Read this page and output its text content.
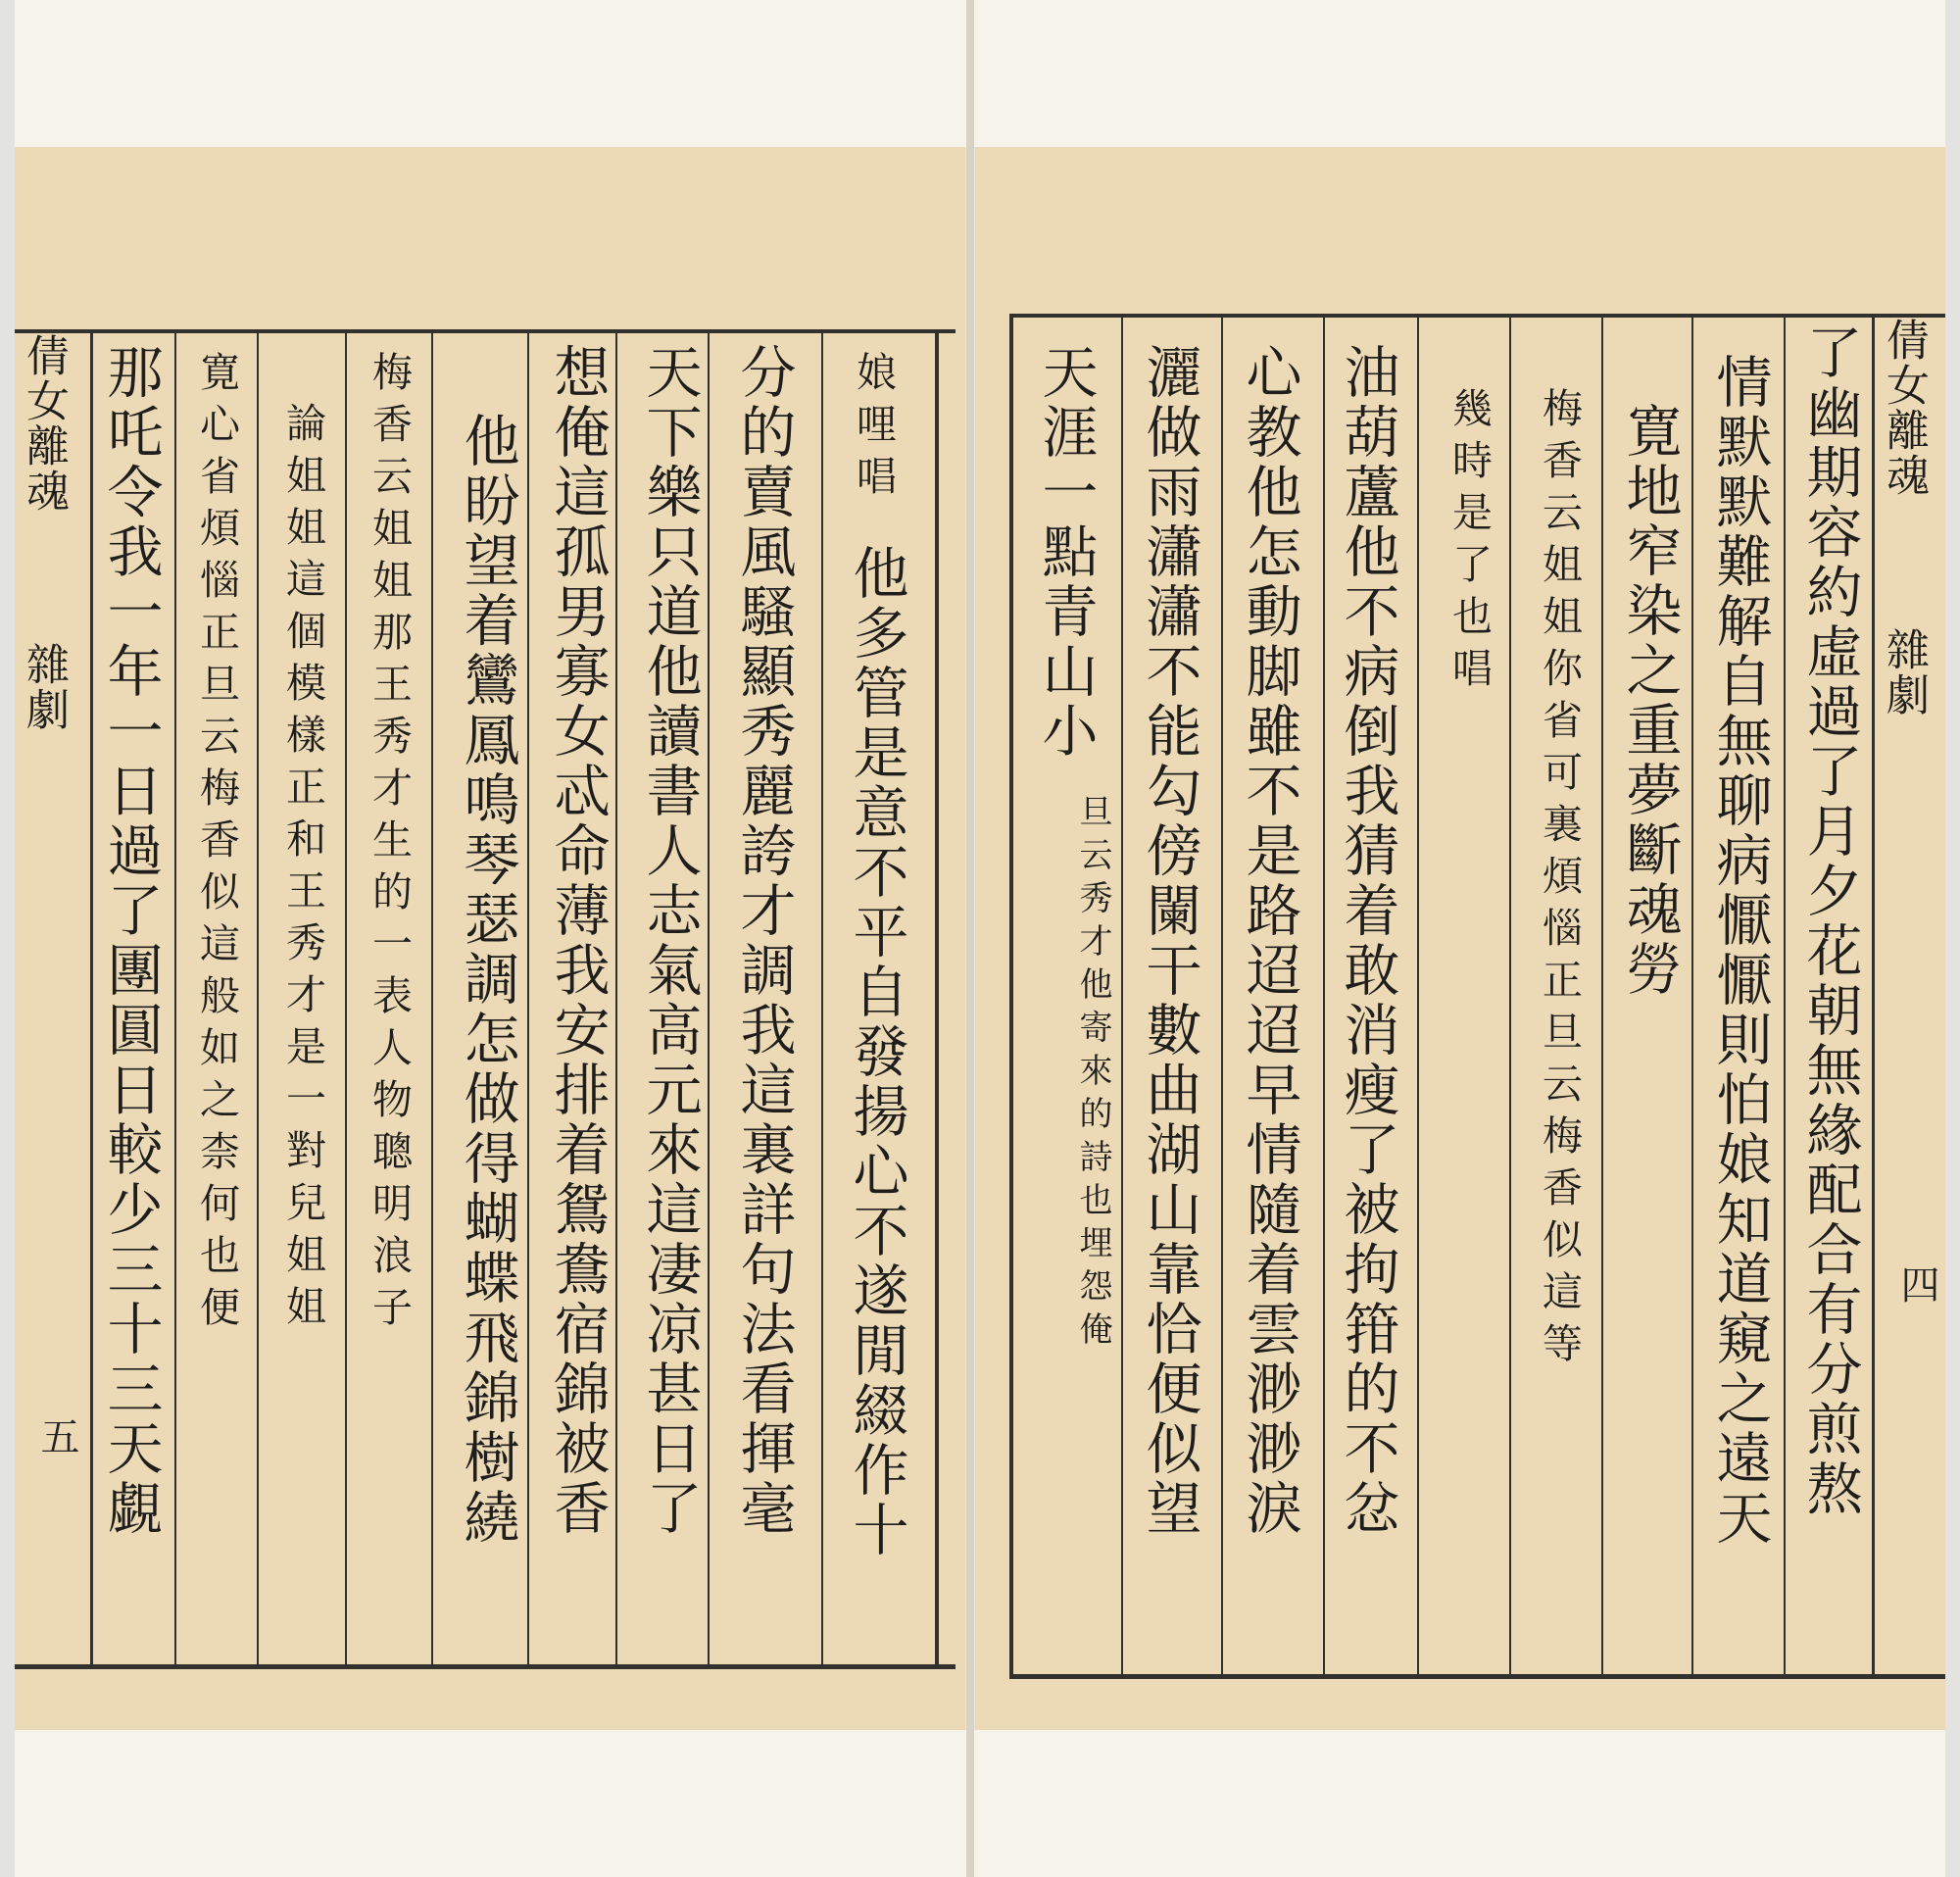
倩女離魂
雜劇
五 那吒令我一年一日過了團圓日較少三十三天覷 寛心省煩惱正旦云梅香似這般如之柰何也便 論姐姐這個模樣正和王秀才是一對兒姐姐 梅香云姐姐那王秀才生的一表人物聰明浪子 他盼望着鸞鳳鳴琴瑟調怎做得蝴蝶飛錦樹繞 想俺這孤男寡女忒命薄我安排着鴛鴦宿錦被香 天下樂只道他讀書人志氣高元來這凄凉甚日了 分的賣風騷顯秀麗誇才調我這裏詳句法看揮毫 娘哩唱
他多管是意不平自發揚心不遂閒綴作十	了幽期容約虛過了月夕花朝無緣配合有分煎熬
情默默難解自無聊病懨懨則怕娘知道窺之遠天
寛地窄染之重夢斷魂勞
梅香云姐姐你省可裏煩惱正旦云梅香似這等
幾時是了也唱
油葫蘆他不病倒我猜着敢消瘦了被拘箝的不忿
心教他怎動脚雖不是路迢迢早情隨着雲渺渺淚
灑做雨瀟瀟不能勾傍闌干數曲湖山靠恰便似望
天涯一點青山小
旦云秀才他寄來的詩也埋怨俺
倩女離魂
雜劇
四
